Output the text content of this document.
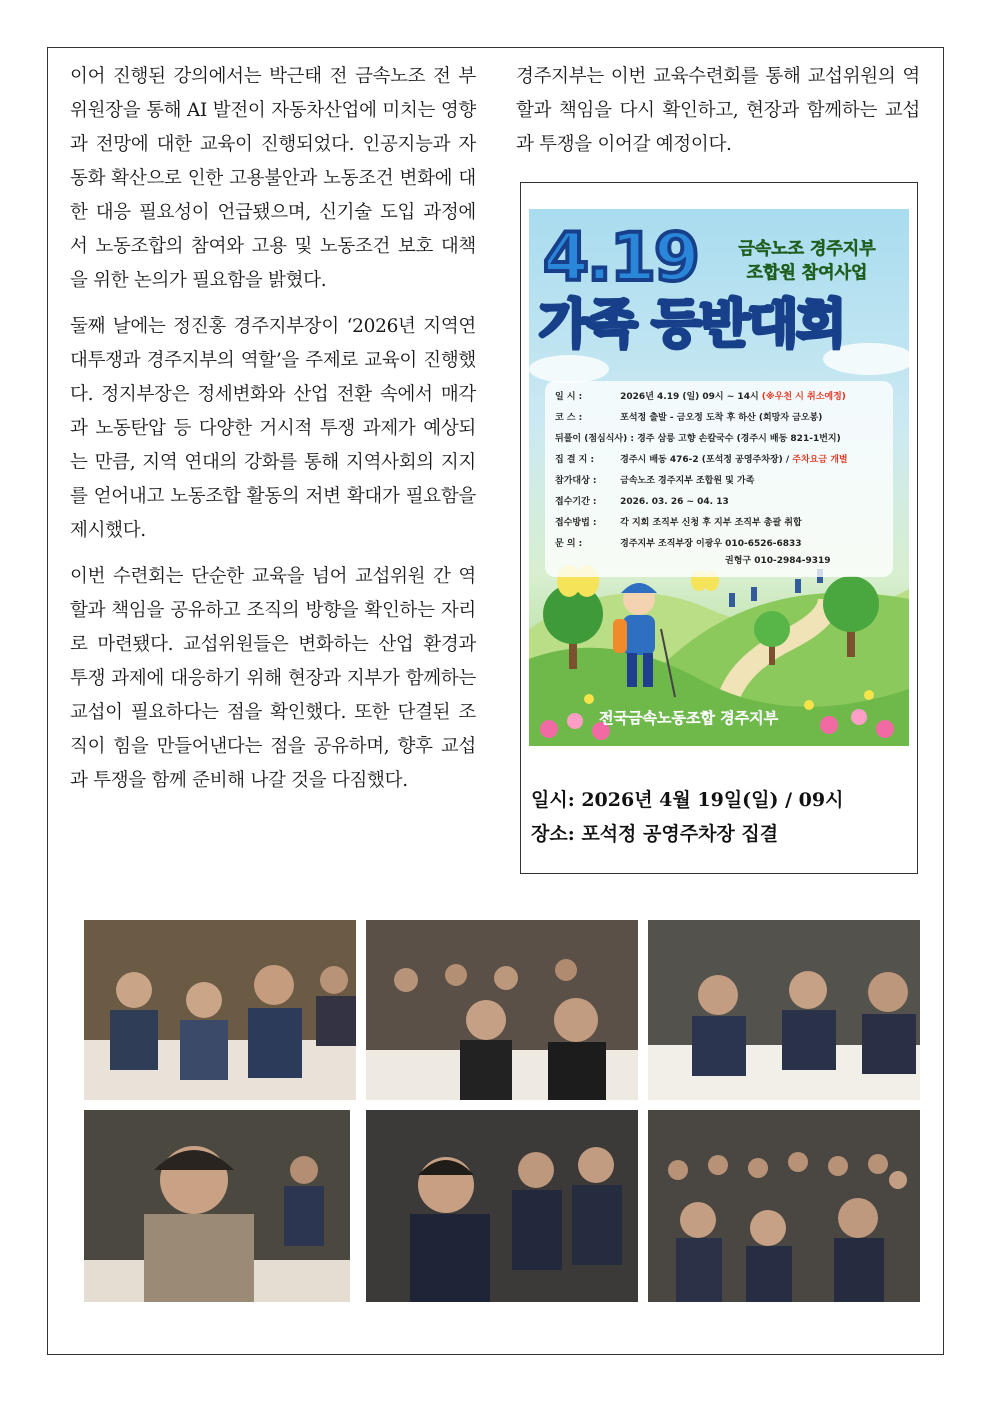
이어 진행된 강의에서는 박근태 전 금속노조 전 부위원장을 통해 AI 발전이 자동차산업에 미치는 영향과 전망에 대한 교육이 진행되었다. 인공지능과 자동화 확산으로 인한 고용불안과 노동조건 변화에 대한 대응 필요성이 언급됐으며, 신기술 도입 과정에서 노동조합의 참여와 고용 및 노동조건 보호 대책을 위한 논의가 필요함을 밝혔다.

둘째 날에는 정진홍 경주지부장이 ‘2026년 지역연대투쟁과 경주지부의 역할’을 주제로 교육이 진행했다. 정지부장은 정세변화와 산업 전환 속에서 매각과 노동탄압 등 다양한 거시적 투쟁 과제가 예상되는 만큼, 지역 연대의 강화를 통해 지역사회의 지지를 얻어내고 노동조합 활동의 저변 확대가 필요함을 제시했다.

이번 수련회는 단순한 교육을 넘어 교섭위원 간 역할과 책임을 공유하고 조직의 방향을 확인하는 자리로 마련됐다. 교섭위원들은 변화하는 산업 환경과 투쟁 과제에 대응하기 위해 현장과 지부가 함께하는 교섭이 필요하다는 점을 확인했다. 또한 단결된 조직이 힘을 만들어낸다는 점을 공유하며, 향후 교섭과 투쟁을 함께 준비해 나갈 것을 다짐했다.

경주지부는 이번 교육수련회를 통해 교섭위원의 역할과 책임을 다시 확인하고, 현장과 함께하는 교섭과 투쟁을 이어갈 예정이다.

4.19
가족 등반대회
금속노조 경주지부
조합원 참여사업
일 시 :	2026년 4.19 (일) 09시 ~ 14시 (※우천 시 취소예정)
코 스 :	포석정 출발 - 금오정 도착 후 하산 (희망자 금오봉)
뒤풀이 (점심식사) : 경주 삼릉 고향 손칼국수 (경주시 배동 821-1번지)
집 결 지 :	경주시 배동 476-2 (포석정 공영주차장) / 주차요금 개별
참가대상 :	금속노조 경주지부 조합원 및 가족
접수기간 :	2026. 03. 26 ~ 04. 13
접수방법 :	각 지회 조직부 신청 후 지부 조직부 총괄 취합
문 의 :	경주지부 조직부장 이광우 010-6526-6833
권형구 010-2984-9319
전국금속노동조합 경주지부
일시: 2026년 4월 19일(일) / 09시
장소: 포석정 공영주차장 집결
